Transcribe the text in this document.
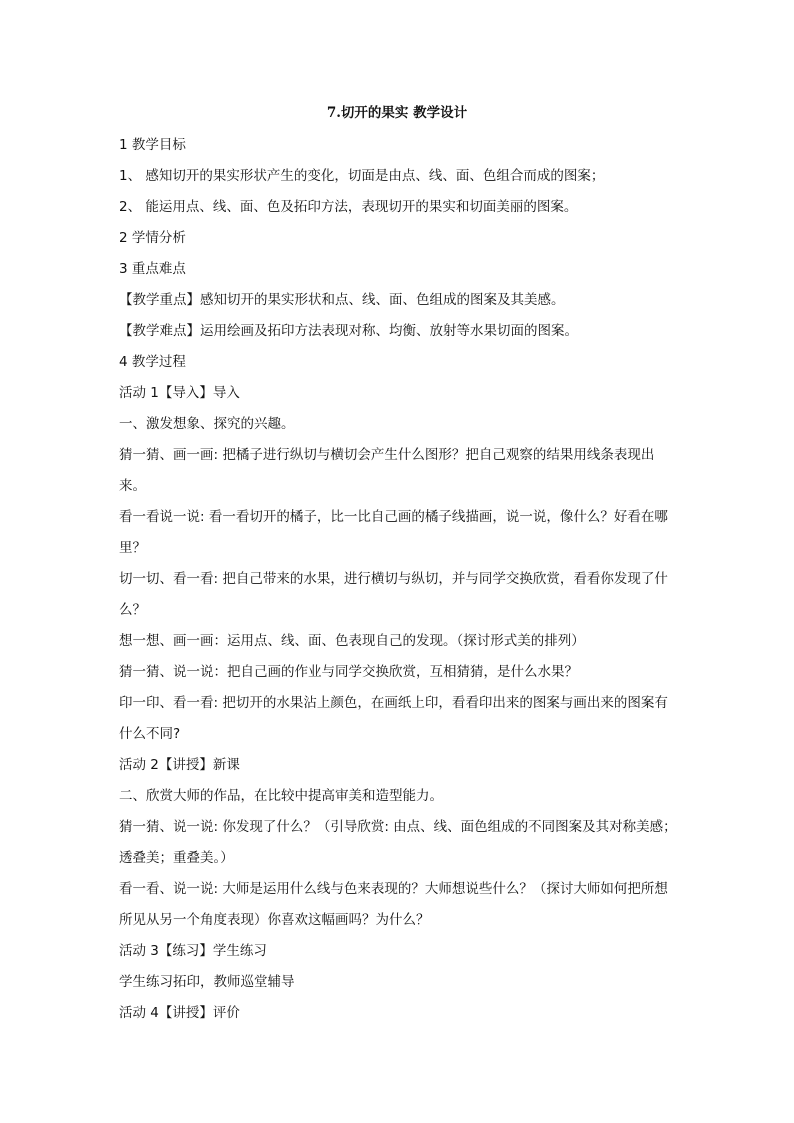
7.切开的果实 教学设计
1 教学目标
1、 感知切开的果实形状产生的变化，切面是由点、线、面、色组合而成的图案；
2、 能运用点、线、面、色及拓印方法，表现切开的果实和切面美丽的图案。
2 学情分析
3 重点难点
【教学重点】感知切开的果实形状和点、线、面、色组成的图案及其美感。
【教学难点】运用绘画及拓印方法表现对称、均衡、放射等水果切面的图案。
4 教学过程
活动 1【导入】导入
一、激发想象、探究的兴趣。
猜一猜、画一画: 把橘子进行纵切与横切会产生什么图形？把自己观察的结果用线条表现出来。
看一看说一说: 看一看切开的橘子，比一比自己画的橘子线描画，说一说，像什么？好看在哪里？
切一切、看一看: 把自己带来的水果，进行横切与纵切，并与同学交换欣赏，看看你发现了什么？
想一想、画一画：运用点、线、面、色表现自己的发现。（探讨形式美的排列）
猜一猜、说一说：把自己画的作业与同学交换欣赏，互相猜猜，是什么水果？
印一印、看一看: 把切开的水果沾上颜色，在画纸上印，看看印出来的图案与画出来的图案有什么不同?
活动 2【讲授】新课
二、欣赏大师的作品，在比较中提高审美和造型能力。
猜一猜、说一说: 你发现了什么？（引导欣赏: 由点、线、面色组成的不同图案及其对称美感；透叠美；重叠美。）
看一看、说一说: 大师是运用什么线与色来表现的？大师想说些什么？（探讨大师如何把所想所见从另一个角度表现）你喜欢这幅画吗？为什么？
活动 3【练习】学生练习
学生练习拓印，教师巡堂辅导
活动 4【讲授】评价
